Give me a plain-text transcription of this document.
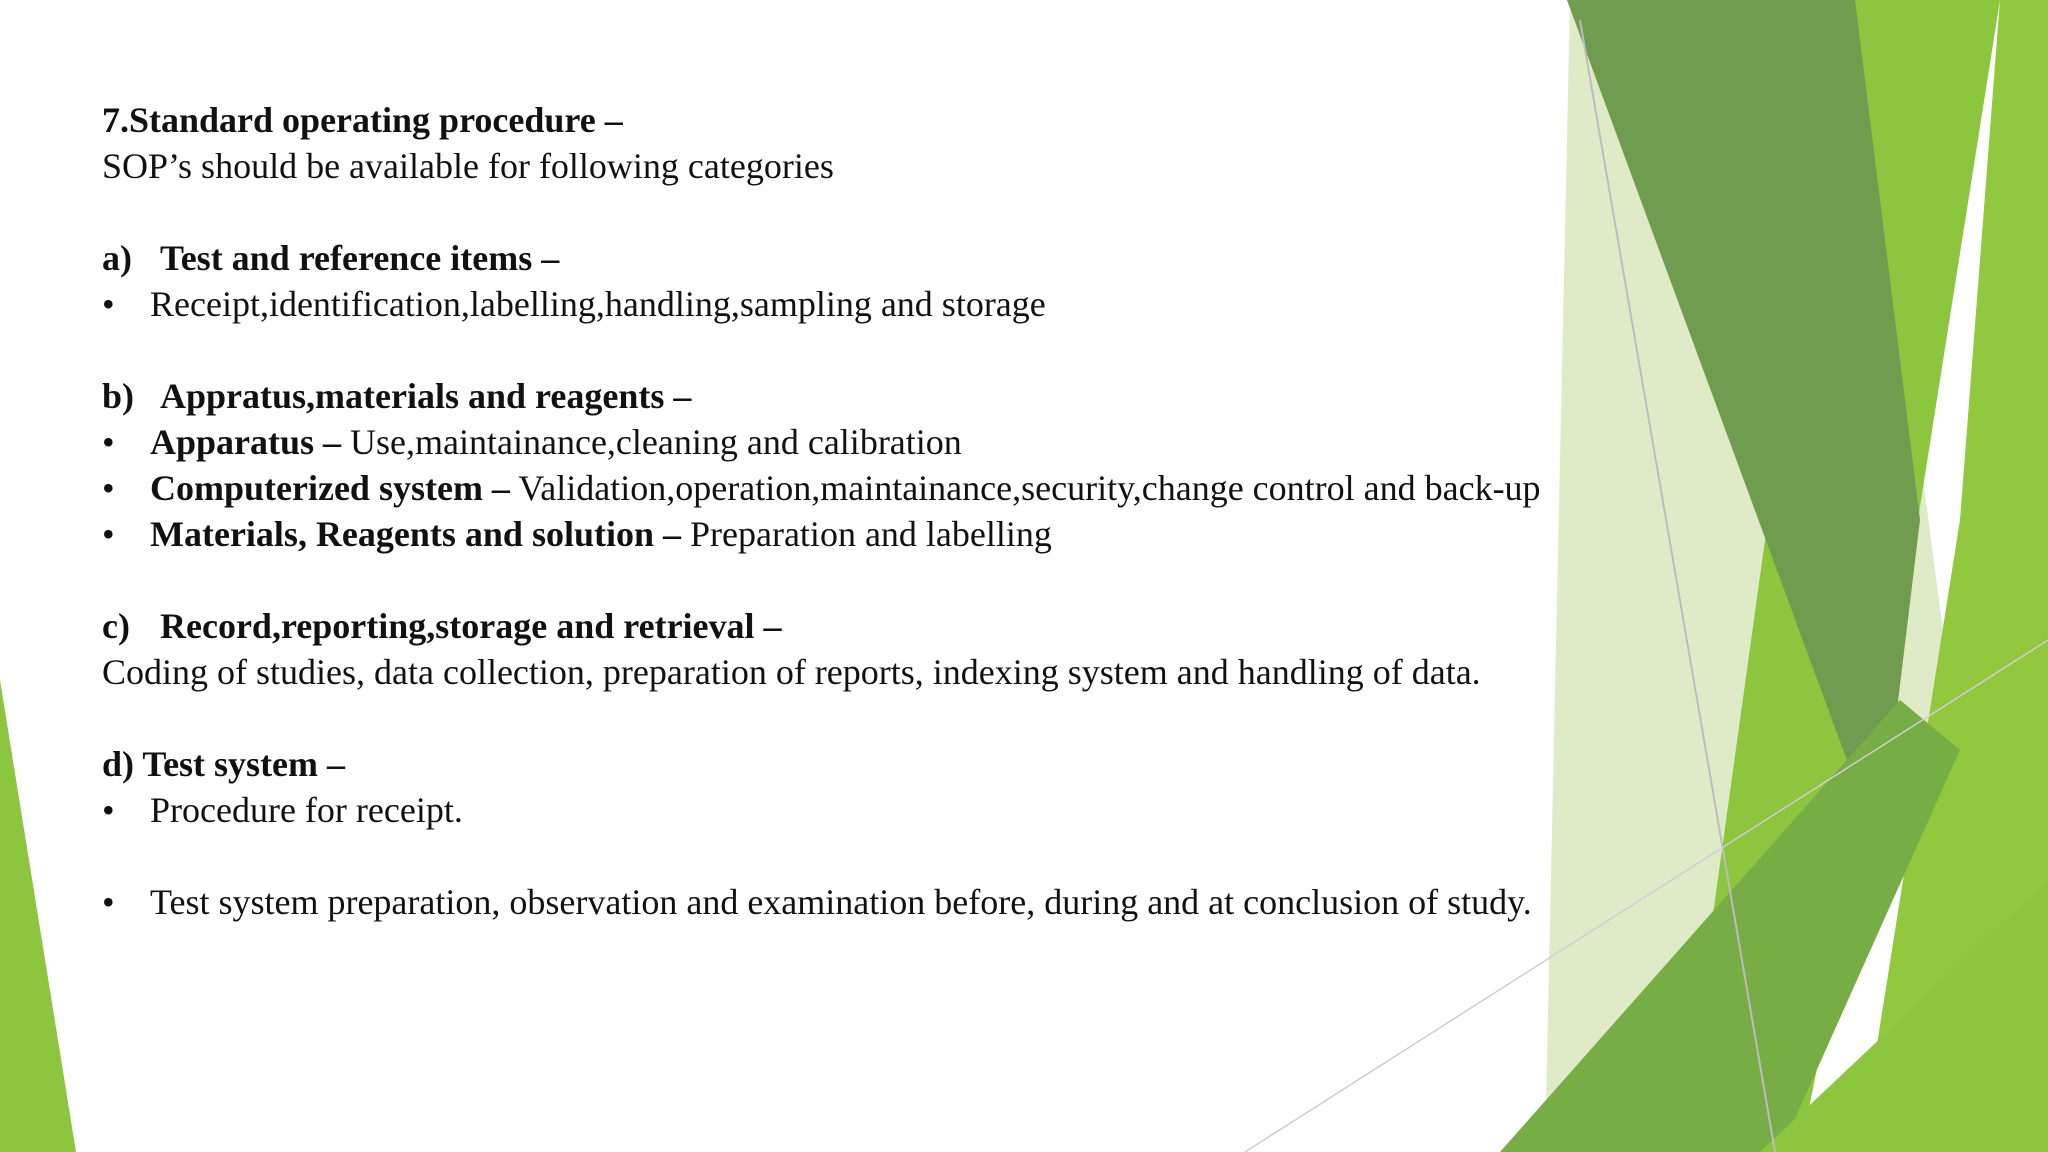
7.Standard operating procedure –
SOP’s should be available for following categories
a) Test and reference items –
• Receipt,identification,labelling,handling,sampling and storage
b) Appratus,materials and reagents –
• Apparatus – Use,maintainance,cleaning and calibration
• Computerized system – Validation,operation,maintainance,security,change control and back-up
• Materials, Reagents and solution – Preparation and labelling
c) Record,reporting,storage and retrieval –
Coding of studies, data collection, preparation of reports, indexing system and handling of data.
d) Test system –
• Procedure for receipt.
• Test system preparation, observation and examination before, during and at conclusion of study.
